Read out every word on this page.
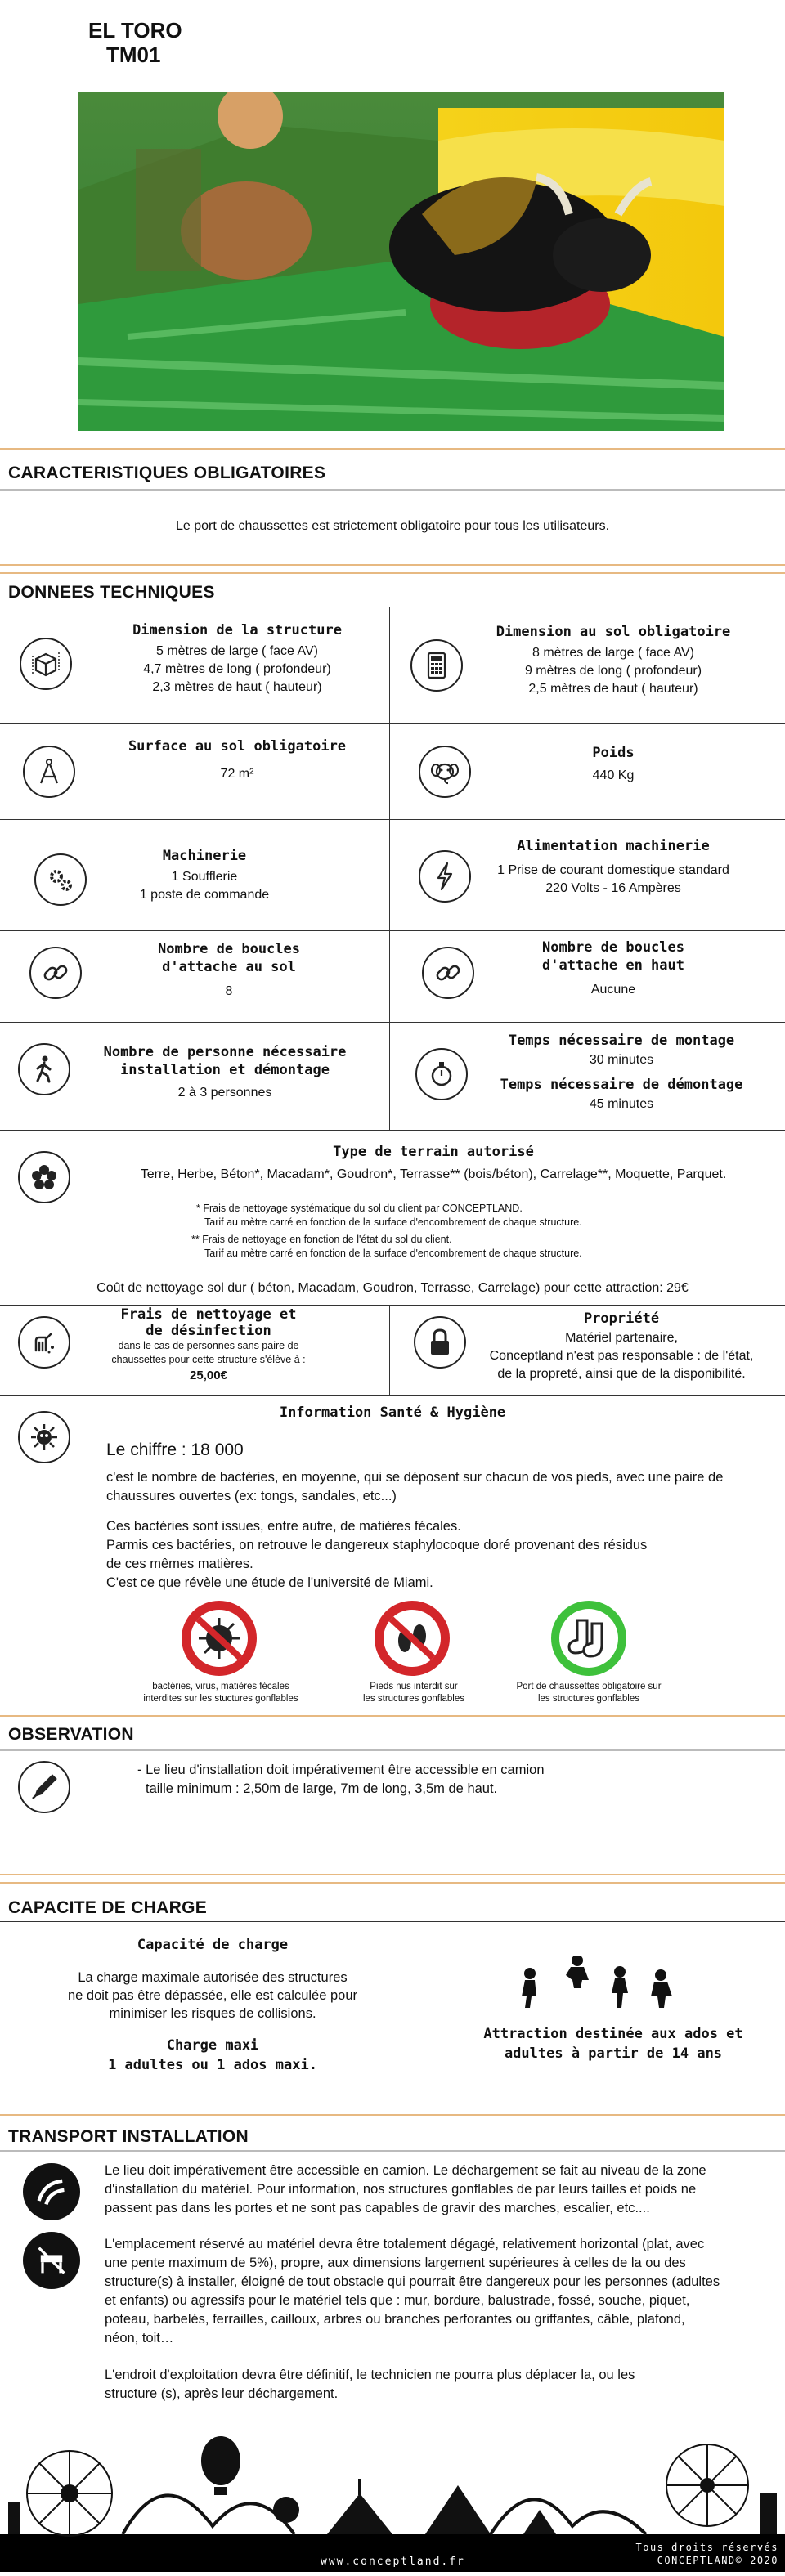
EL TORO
TM01
CARACTERISTIQUES OBLIGATOIRES
Le port de chaussettes est strictement obligatoire pour tous les utilisateurs.
DONNEES TECHNIQUES
Dimension de la structure
5 mètres de large ( face AV)
4,7 mètres de long ( profondeur)
2,3 mètres de haut ( hauteur)
Dimension au sol obligatoire
8 mètres de large ( face AV)
9 mètres de long ( profondeur)
2,5 mètres de haut ( hauteur)
Surface au sol obligatoire
72 m²
Poids
440 Kg
Machinerie
1 Soufflerie
1 poste de commande
Alimentation machinerie
1 Prise de courant domestique standard
220 Volts - 16 Ampères
Nombre de boucles
d'attache au sol
8
Nombre de boucles
d'attache en haut
Aucune
Nombre de personne nécessaire
installation et démontage
2 à 3 personnes
Temps nécessaire de montage
30 minutes
Temps nécessaire de démontage
45 minutes
Type de terrain autorisé
Terre, Herbe, Béton*, Macadam*, Goudron*, Terrasse** (bois/béton), Carrelage**, Moquette, Parquet.
* Frais de nettoyage systématique du sol du client par CONCEPTLAND.
Tarif au mètre carré en fonction de la surface d'encombrement de chaque structure.
** Frais de nettoyage en fonction de l'état du sol du client.
Tarif au mètre carré en fonction de la surface d'encombrement de chaque structure.
Coût de nettoyage sol dur ( béton, Macadam, Goudron, Terrasse, Carrelage) pour cette attraction: 29€
Frais de nettoyage et
de désinfection
dans le cas de personnes sans paire de
chaussettes pour cette structure s'élève à :
25,00€
Propriété
Matériel partenaire,
Conceptland n'est pas responsable : de l'état,
de la propreté, ainsi que de la disponibilité.
Information Santé & Hygiène
Le chiffre : 18 000
c'est le nombre de bactéries, en moyenne, qui se déposent sur chacun de vos pieds, avec une paire de
chaussures ouvertes (ex: tongs, sandales, etc...)
Ces bactéries sont issues, entre autre, de matières fécales.
Parmis ces bactéries, on retrouve le dangereux staphylocoque doré provenant des résidus
de ces mêmes matières.
C'est ce que révèle une étude de l'université de Miami.
bactéries, virus, matières fécales
interdites sur les stuctures gonflables
Pieds nus interdit sur
les structures gonflables
Port de chaussettes obligatoire sur
les structures gonflables
OBSERVATION
- Le lieu d'installation doit impérativement être accessible en camion
taille minimum : 2,50m de large, 7m de long, 3,5m de haut.
CAPACITE DE CHARGE
Capacité de charge
La charge maximale autorisée des structures
ne doit pas être dépassée, elle est calculée pour
minimiser les risques de collisions.
Charge maxi
1 adultes ou 1 ados maxi.
Attraction destinée aux ados et
adultes à partir de 14 ans
TRANSPORT INSTALLATION
Le lieu doit impérativement être accessible en camion. Le déchargement se fait au niveau de la zone
d'installation du matériel. Pour information, nos structures gonflables de par leurs tailles et poids ne
passent pas dans les portes et ne sont pas capables de gravir des marches, escalier, etc....
L'emplacement réservé au matériel devra être totalement dégagé, relativement horizontal (plat, avec
une pente maximum de 5%), propre, aux dimensions largement supérieures à celles de la ou des
structure(s) à installer, éloigné de tout obstacle qui pourrait être dangereux pour les personnes (adultes
et enfants) ou agressifs pour le matériel tels que : mur, bordure, balustrade, fossé, souche, piquet,
poteau, barbelés, ferrailles, cailloux, arbres ou branches perforantes ou griffantes, câble, plafond,
néon, toit…
L'endroit d'exploitation devra être définitif, le technicien ne pourra plus déplacer la, ou les
structure (s), après leur déchargement.
www.conceptland.fr
Tous droits réservés
CONCEPTLAND© 2020
